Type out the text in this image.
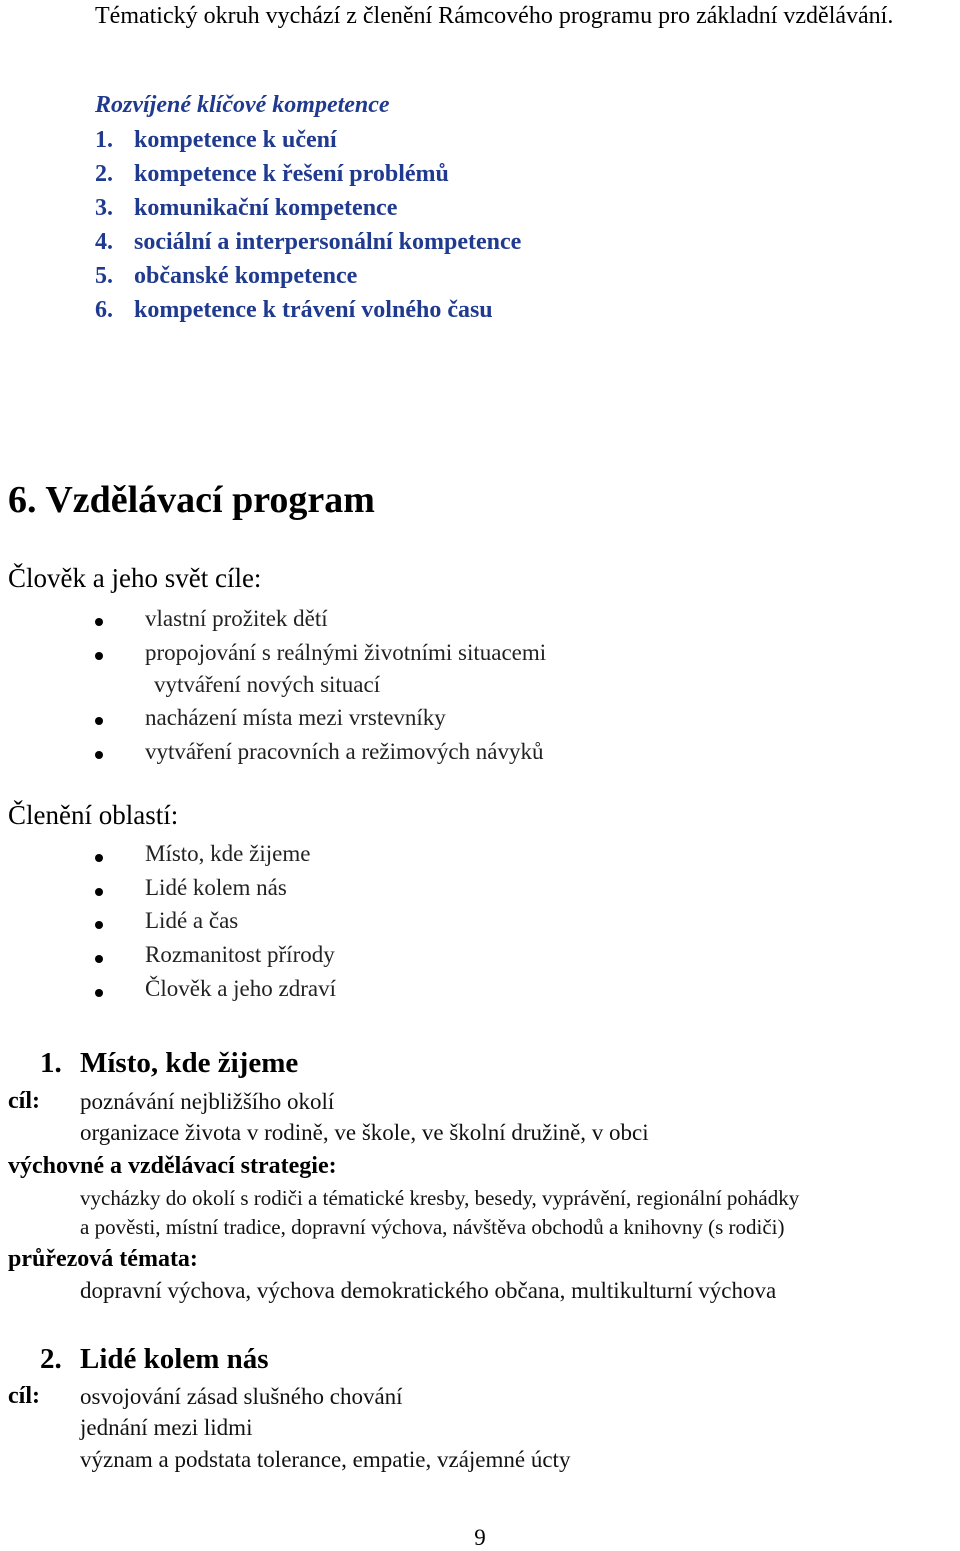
Tématický okruh vychází z členění Rámcového programu pro základní vzdělávání.
Rozvíjené klíčové kompetence
1. kompetence k učení
2. kompetence k řešení problémů
3. komunikační kompetence
4. sociální a interpersonální kompetence
5. občanské kompetence
6. kompetence k trávení volného času
6. Vzdělávací program
Člověk a jeho svět cíle:
vlastní prožitek dětí
propojování s reálnými životními situacemi
vytváření nových situací
nacházení místa mezi vrstevníky
vytváření pracovních a režimových návyků
Členění oblastí:
Místo, kde žijeme
Lidé kolem nás
Lidé a čas
Rozmanitost přírody
Člověk a jeho zdraví
1. Místo, kde žijeme
cíl: poznávání nejbližšího okolí
organizace života v rodině, ve škole, ve školní družině, v obci
výchovné a vzdělávací strategie:
vycházky do okolí s rodiči a tématické kresby, besedy, vyprávění, regionální pohádky
a pověsti, místní tradice, dopravní výchova, návštěva obchodů a knihovny (s rodiči)
průřezová témata:
dopravní výchova, výchova demokratického občana, multikulturní výchova
2. Lidé kolem nás
cíl: osvojování zásad slušného chování
jednání mezi lidmi
význam a podstata tolerance, empatie, vzájemné úcty
9
